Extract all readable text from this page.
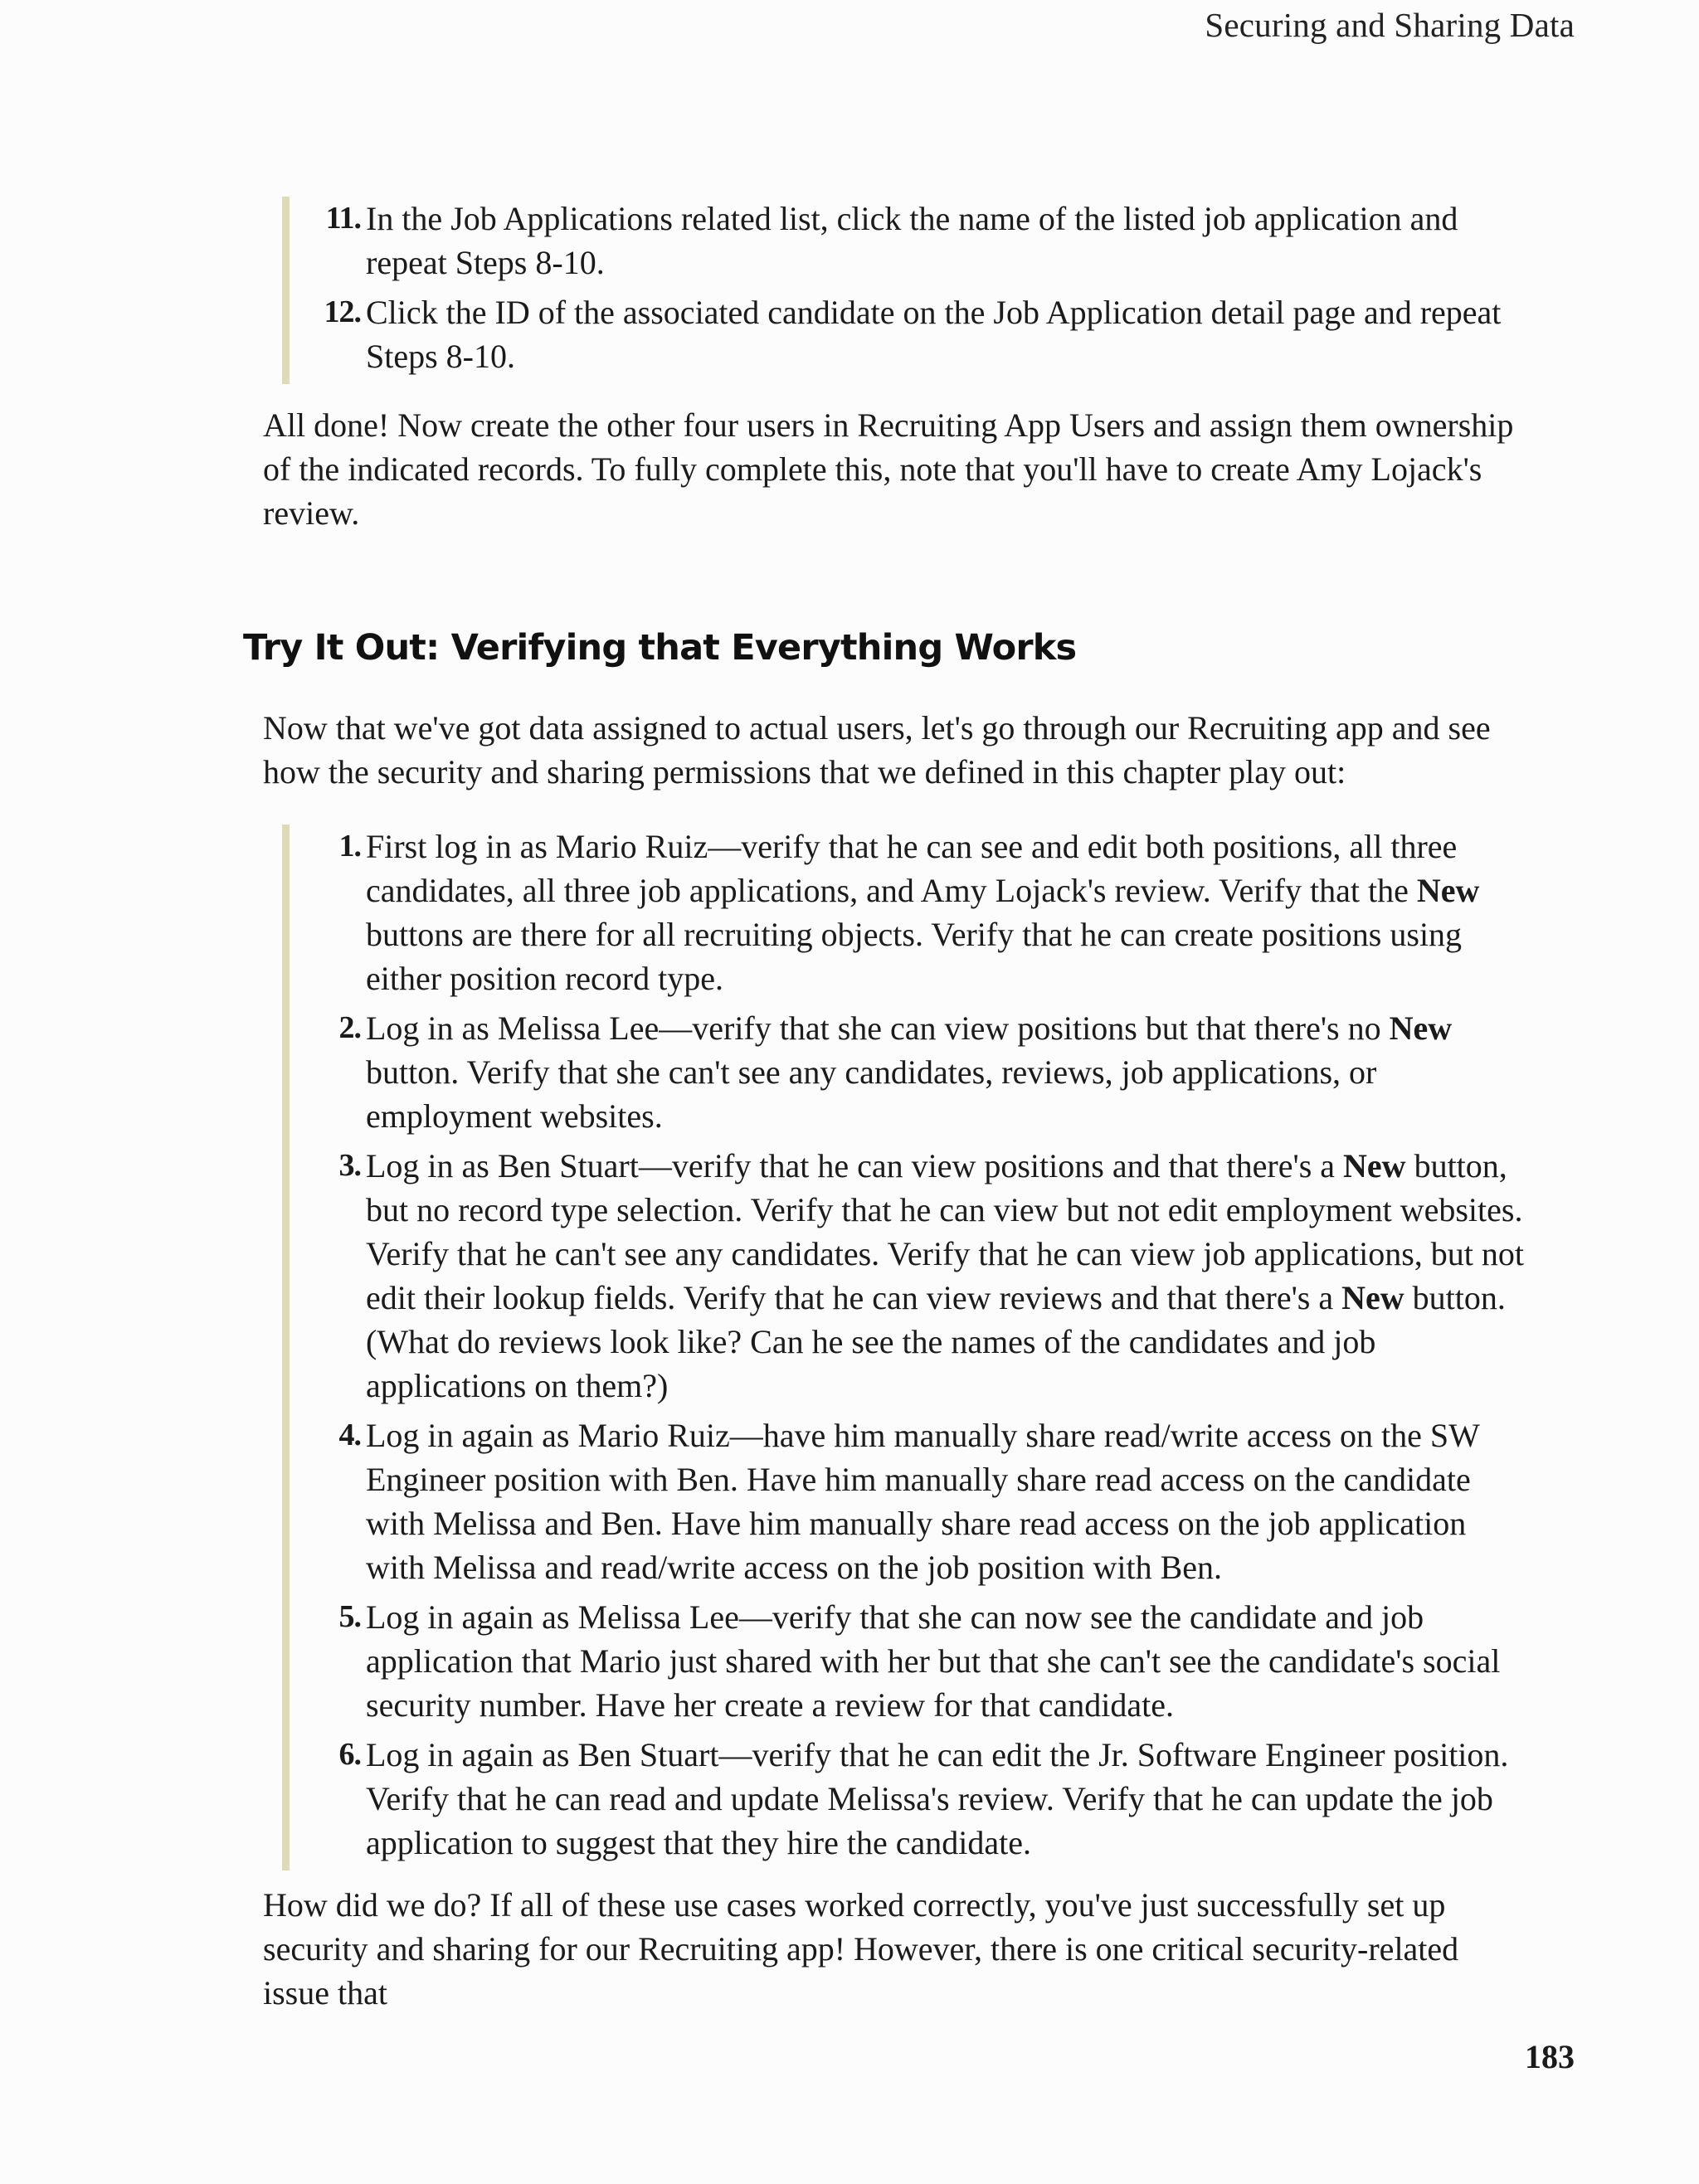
Securing and Sharing Data
11 . In the Job Applications related list, click the name of the listed job application and repeat Steps 8-10.
12 . Click the ID of the associated candidate on the Job Application detail page and repeat Steps 8-10.

All done! Now create the other four users in Recruiting App Users and assign them ownership of the indicated records. To fully complete this, note that you'll have to create Amy Lojack's review.

Try It Out: Verifying that Everything Works

Now that we've got data assigned to actual users, let's go through our Recruiting app and see how the security and sharing permissions that we defined in this chapter play out:

1 . First log in as Mario Ruiz—verify that he can see and edit both positions, all three candidates, all three job applications, and Amy Lojack's review. Verify that the New buttons are there for all recruiting objects. Verify that he can create positions using either position record type.
2 . Log in as Melissa Lee—verify that she can view positions but that there's no New button. Verify that she can't see any candidates, reviews, job applications, or employment websites.
3 . Log in as Ben Stuart—verify that he can view positions and that there's a New button, but no record type selection. Verify that he can view but not edit employment websites. Verify that he can't see any candidates. Verify that he can view job applications, but not edit their lookup fields. Verify that he can view reviews and that there's a New button. (What do reviews look like? Can he see the names of the candidates and job applications on them?)
4 . Log in again as Mario Ruiz—have him manually share read/write access on the SW Engineer position with Ben. Have him manually share read access on the candidate with Melissa and Ben. Have him manually share read access on the job application with Melissa and read/write access on the job position with Ben.
5 . Log in again as Melissa Lee—verify that she can now see the candidate and job application that Mario just shared with her but that she can't see the candidate's social security number. Have her create a review for that candidate.
6 . Log in again as Ben Stuart—verify that he can edit the Jr. Software Engineer position. Verify that he can read and update Melissa's review. Verify that he can update the job application to suggest that they hire the candidate.

How did we do? If all of these use cases worked correctly, you've just successfully set up security and sharing for our Recruiting app! However, there is one critical security-related issue that

183
